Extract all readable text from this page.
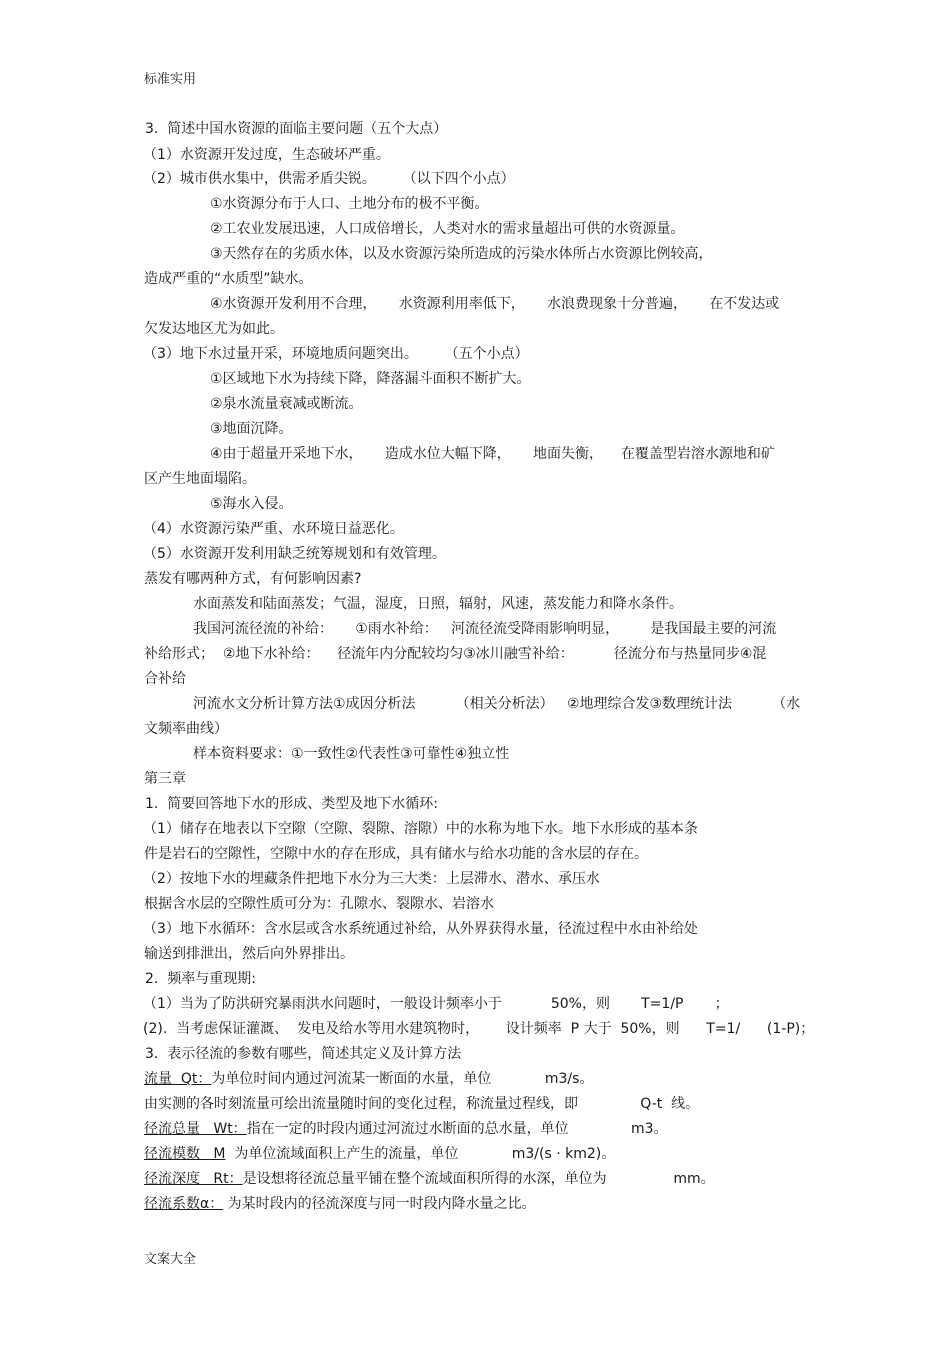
标准实用
3.  简述中国水资源的面临主要问题（五个大点）
（1）水资源开发过度，生态破坏严重。
（2）城市供水集中，供需矛盾尖锐。      （以下四个小点）
①水资源分布于人口、土地分布的极不平衡。
②工农业发展迅速，人口成倍增长，人类对水的需求量超出可供的水资源量。
③天然存在的劣质水体，以及水资源污染所造成的污染水体所占水资源比例较高，
造成严重的“水质型”缺水。
④水资源开发利用不合理，     水资源利用率低下，     水浪费现象十分普遍，     在不发达或
欠发达地区尤为如此。
（3）地下水过量开采，环境地质问题突出。      （五个小点）
①区域地下水为持续下降，降落漏斗面积不断扩大。
②泉水流量衰减或断流。
③地面沉降。
④由于超量开采地下水，     造成水位大幅下降，     地面失衡，    在覆盖型岩溶水源地和矿
区产生地面塌陷。
⑤海水入侵。
（4）水资源污染严重、水环境日益恶化。
（5）水资源开发利用缺乏统筹规划和有效管理。
蒸发有哪两种方式，有何影响因素?
水面蒸发和陆面蒸发；气温，湿度，日照，辐射，风速，蒸发能力和降水条件。
我国河流径流的补给：     ①雨水补给：   河流径流受降雨影响明显，       是我国最主要的河流
补给形式；  ②地下水补给：    径流年内分配较均匀③冰川融雪补给：         径流分布与热量同步④混
合补给
河流水文分析计算方法①成因分析法         （相关分析法）   ②地理综合发③数理统计法         （水
文频率曲线）
样本资料要求：①一致性②代表性③可靠性④独立性
第三章
1.  简要回答地下水的形成、类型及地下水循环:
（1）储存在地表以下空隙（空隙、裂隙、溶隙）中的水称为地下水。地下水形成的基本条
件是岩石的空隙性，空隙中水的存在形成，具有储水与给水功能的含水层的存在。
（2）按地下水的埋藏条件把地下水分为三大类：上层滞水、潜水、承压水
根据含水层的空隙性质可分为：孔隙水、裂隙水、岩溶水
（3）地下水循环：含水层或含水系统通过补给，从外界获得水量，径流过程中水由补给处
输送到排泄出，然后向外界排出。
2.  频率与重现期:
（1）当为了防洪研究暴雨洪水问题时，一般设计频率小于           50%，则       T=1/P       ；
(2).  当考虑保证灌溉、  发电及给水等用水建筑物时，      设计频率  P 大于  50%，则      T=1/      (1-P)；
3.  表示径流的参数有哪些，简述其定义及计算方法
由实测的各时刻流量可绘出流量随时间的变化过程，称流量过程线，即              Q-t  线。
流量  Qt：为单位时间内通过河流某一断面的水量，单位            m3/s。
径流总量   Wt：指在一定的时段内通过河流过水断面的总水量，单位              m3。
径流模数   M  为单位流域面积上产生的流量，单位            m3/(s · km2)。
径流深度   Rt：是设想将径流总量平铺在整个流域面积所得的水深，单位为               mm。
径流系数α： 为某时段内的径流深度与同一时段内降水量之比。
文案大全
